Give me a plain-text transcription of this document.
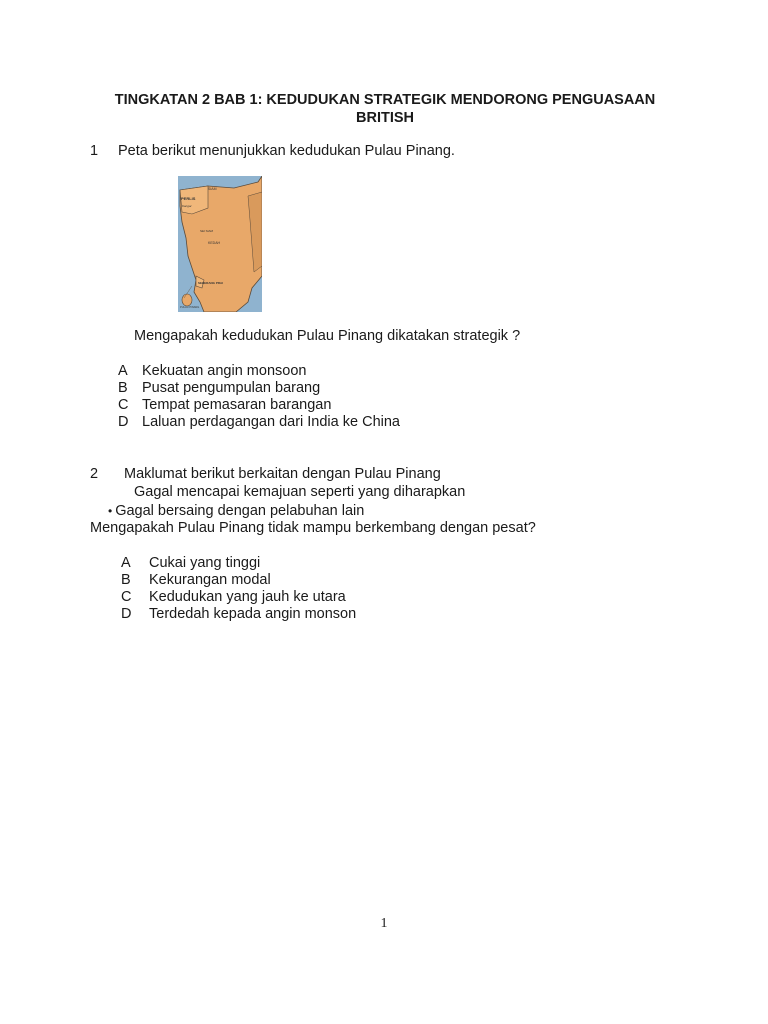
TINGKATAN 2 BAB 1: KEDUDUKAN STRATEGIK MENDORONG PENGUASAAN
BRITISH
1 Peta berikut menunjukkan kedudukan Pulau Pinang.
SIAM
PERLIS
Kangar
SEI SIAM
KEDAH
SEBERANG PRAI
PULAU PINANG
Mengapakah kedudukan Pulau Pinang dikatakan strategik ?
A Kekuatan angin monsoon
B Pusat pengumpulan barang
C Tempat pemasaran barangan
D Laluan perdagangan dari India ke China
2 Maklumat berikut berkaitan dengan Pulau Pinang
Gagal mencapai kemajuan seperti yang diharapkan
• Gagal bersaing dengan pelabuhan lain
Mengapakah Pulau Pinang tidak mampu berkembang dengan pesat?
A Cukai yang tinggi
B Kekurangan modal
C Kedudukan yang jauh ke utara
D Terdedah kepada angin monson
1
